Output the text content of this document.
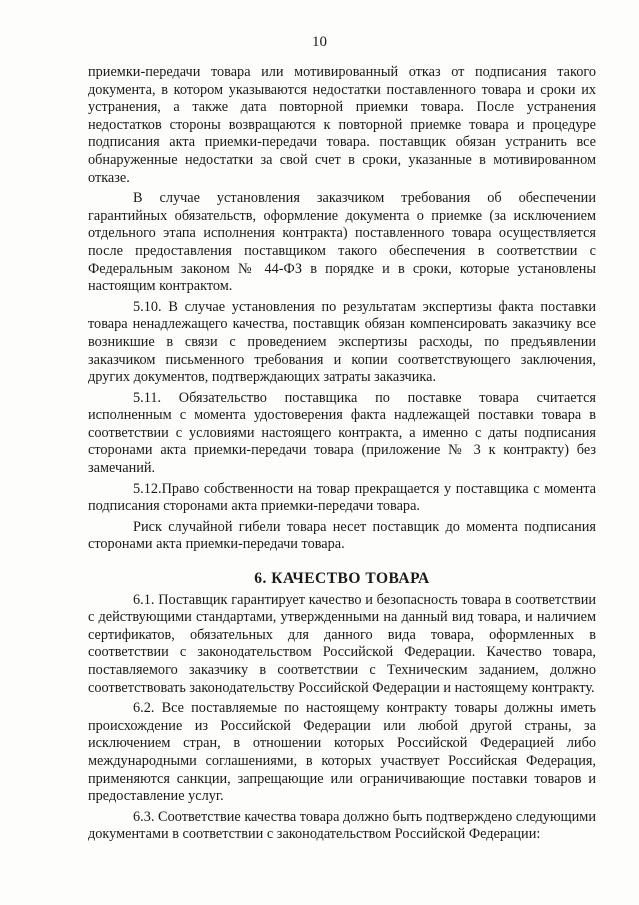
10

приемки-передачи товара или мотивированный отказ от подписания такого документа, в котором указываются недостатки поставленного товара и сроки их устранения, а также дата повторной приемки товара. После устранения недостатков стороны возвращаются к повторной приемке товара и процедуре подписания акта приемки-передачи товара. поставщик обязан устранить все обнаруженные недостатки за свой счет в сроки, указанные в мотивированном отказе.

В случае установления заказчиком требования об обеспечении гарантийных обязательств, оформление документа о приемке (за исключением отдельного этапа исполнения контракта) поставленного товара осуществляется после предоставления поставщиком такого обеспечения в соответствии с Федеральным законом № 44-ФЗ в порядке и в сроки, которые установлены настоящим контрактом.

5.10. В случае установления по результатам экспертизы факта поставки товара ненадлежащего качества, поставщик обязан компенсировать заказчику все возникшие в связи с проведением экспертизы расходы, по предъявлении заказчиком письменного требования и копии соответствующего заключения, других документов, подтверждающих затраты заказчика.

5.11. Обязательство поставщика по поставке товара считается исполненным с момента удостоверения факта надлежащей поставки товара в соответствии с условиями настоящего контракта, а именно с даты подписания сторонами акта приемки-передачи товара (приложение № 3 к контракту) без замечаний.

5.12.Право собственности на товар прекращается у поставщика с момента подписания сторонами акта приемки-передачи товара.

Риск случайной гибели товара несет поставщик до момента подписания сторонами акта приемки-передачи товара.

6. КАЧЕСТВО ТОВАРА

6.1. Поставщик гарантирует качество и безопасность товара в соответствии с действующими стандартами, утвержденными на данный вид товара, и наличием сертификатов, обязательных для данного вида товара, оформленных в соответствии с законодательством Российской Федерации. Качество товара, поставляемого заказчику в соответствии с Техническим заданием, должно соответствовать законодательству Российской Федерации и настоящему контракту.

6.2. Все поставляемые по настоящему контракту товары должны иметь происхождение из Российской Федерации или любой другой страны, за исключением стран, в отношении которых Российской Федерацией либо международными соглашениями, в которых участвует Российская Федерация, применяются санкции, запрещающие или ограничивающие поставки товаров и предоставление услуг.

6.3. Соответствие качества товара должно быть подтверждено следующими документами в соответствии с законодательством Российской Федерации:
